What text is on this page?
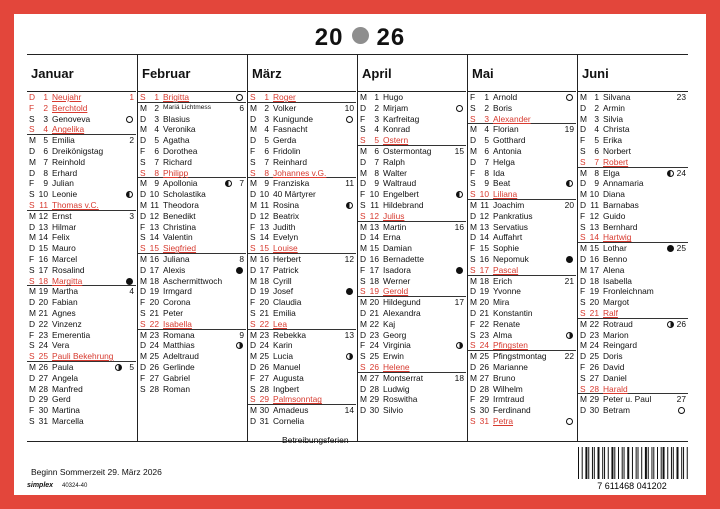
20 26
Januar
D 1 Neujahr	1
F	2 Berchtold
S	3 Genoveva
S	4 Angelika
M 5 Emilia	2
D 6 Dreikönigstag
M 7 Reinhold
D 8 Erhard
F	9 Julian
S 10 Leonie
S 11 Thomas v.C.
M 12 Ernst	3
D 13 Hilmar
M 14 Felix
D 15 Mauro
F 16 Marcel
S 17 Rosalind
S 18 Margitta
M 19 Martha	4
D 20 Fabian
M 21 Agnes
D 22 Vinzenz
F 23 Emerentia
S 24 Vera
S 25 Pauli Bekehrung
M 26 Paula	5
D 27 Angela
M 28 Manfred
D 29 Gerd
F 30 Martina
S 31 Marcella
Februar
S	1 Brigitta
M 2 Mariä Lichtmess	6
D 3 Blasius
M 4 Veronika
D 5 Agatha
F	6 Dorothea
S	7 Richard
S	8 Philipp
M 9 Apollonia	7
D 10 Scholastika
M 11 Theodora
D 12 Benedikt
F 13 Christina
S 14 Valentin
S 15 Siegfried
M 16 Juliana	8
D 17 Alexis
M 18 Aschermittwoch
D 19 Irmgard
F 20 Corona
S 21 Peter
S 22 Isabella
M 23 Romana	9
D 24 Matthias
M 25 Adeltraud
D 26 Gerlinde
F 27 Gabriel
S 28 Roman
März
S	1 Roger
M 2 Volker	10
D 3 Kunigunde
M 4 Fasnacht
D 5 Gerda
F	6 Fridolin
S	7 Reinhard
S	8 Johannes v.G.
M 9 Franziska	11
D 10 40 Märtyrer
M 11 Rosina
D 12 Beatrix
F 13 Judith
S 14 Evelyn
S 15 Louise
M 16 Herbert	12
D 17 Patrick
M 18 Cyrill
D 19 Josef
F 20 Claudia
S 21 Emilia
S 22 Lea
M 23 Rebekka	13
D 24 Karin
M 25 Lucia
D 26 Manuel
F 27 Augusta
S 28 Ingbert
S 29 Palmsonntag
M 30 Amadeus	14
D 31 Cornelia
April
M 1 Hugo
D 2 Mirjam
F	3 Karfreitag
S	4 Konrad
S	5 Ostern
M 6 Ostermontag	15
D 7 Ralph
M 8 Walter
D 9 Waltraud
F 10 Engelbert
S 11 Hildebrand
S 12 Julius
M 13 Martin	16
D 14 Erna
M 15 Damian
D 16 Bernadette
F 17 Isadora
S 18 Werner
S 19 Gerold
M 20 Hildegund	17
D 21 Alexandra
M 22 Kaj
D 23 Georg
F 24 Virginia
S 25 Erwin
S 26 Helene
M 27 Montserrat	18
D 28 Ludwig
M 29 Roswitha
D 30 Silvio
Mai
F	1 Arnold
S	2 Boris
S	3 Alexander
M 4 Florian	19
D 5 Gotthard
M 6 Antonia
D 7 Helga
F	8 Ida
S	9 Beat
S 10 Liliana
M 11 Joachim	20
D 12 Pankratius
M 13 Servatius
D 14 Auffahrt
F 15 Sophie
S 16 Nepomuk
S 17 Pascal
M 18 Erich	21
D 19 Yvonne
M 20 Mira
D 21 Konstantin
F 22 Renate
S 23 Alma
S 24 Pfingsten
M 25 Pfingstmontag 22
D 26 Marianne
M 27 Bruno
D 28 Wilhelm
F 29 Irmtraud
S 30 Ferdinand
S 31 Petra
Juni
M 1 Silvana	23
D 2 Armin
M 3 Silvia
D 4 Christa
F	5 Erika
S	6 Norbert
S	7 Robert
M 8 Elga	24
D 9 Annamaria
M 10 Diana
D 11 Barnabas
F 12 Guido
S 13 Bernhard
S 14 Hartwig
M 15 Lothar	25
D 16 Benno
M 17 Alena
D 18 Isabella
F 19 Fronleichnam
S 20 Margot
S 21 Ralf
M 22 Rotraud	26
D 23 Marion
M 24 Reingard
D 25 Doris
F 26 David
S 27 Daniel
S 28 Harald
M 29 Peter u. Paul	27
D 30 Betram
Betreibungsferien
Beginn Sommerzeit 29. März 2026
simplex 40324-40	7 611468 041202
